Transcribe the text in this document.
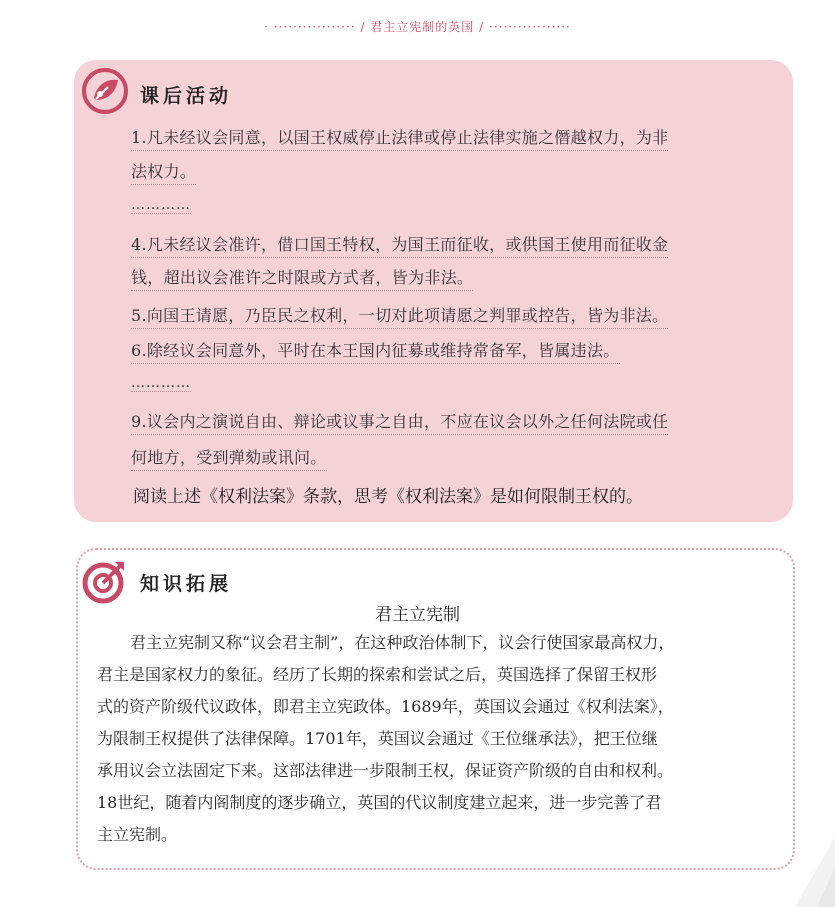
· ················· / 君主立宪制的英国 / ·················
课后活动
1.凡未经议会同意，以国王权威停止法律或停止法律实施之僭越权力，为非
法权力。
…………
4.凡未经议会准许，借口国王特权，为国王而征收，或供国王使用而征收金
钱，超出议会准许之时限或方式者，皆为非法。
5.向国王请愿，乃臣民之权利，一切对此项请愿之判罪或控告，皆为非法。
6.除经议会同意外，平时在本王国内征募或维持常备军，皆属违法。
…………
9.议会内之演说自由、辩论或议事之自由，不应在议会以外之任何法院或任
何地方，受到弹劾或讯问。
阅读上述《权利法案》条款，思考《权利法案》是如何限制王权的。
知识拓展
君主立宪制
君主立宪制又称“议会君主制”，在这种政治体制下，议会行使国家最高权力，
君主是国家权力的象征。经历了长期的探索和尝试之后，英国选择了保留王权形
式的资产阶级代议政体，即君主立宪政体。1689年，英国议会通过《权利法案》，
为限制王权提供了法律保障。1701年，英国议会通过《王位继承法》，把王位继
承用议会立法固定下来。这部法律进一步限制王权，保证资产阶级的自由和权利。
18世纪，随着内阁制度的逐步确立，英国的代议制度建立起来，进一步完善了君
主立宪制。
